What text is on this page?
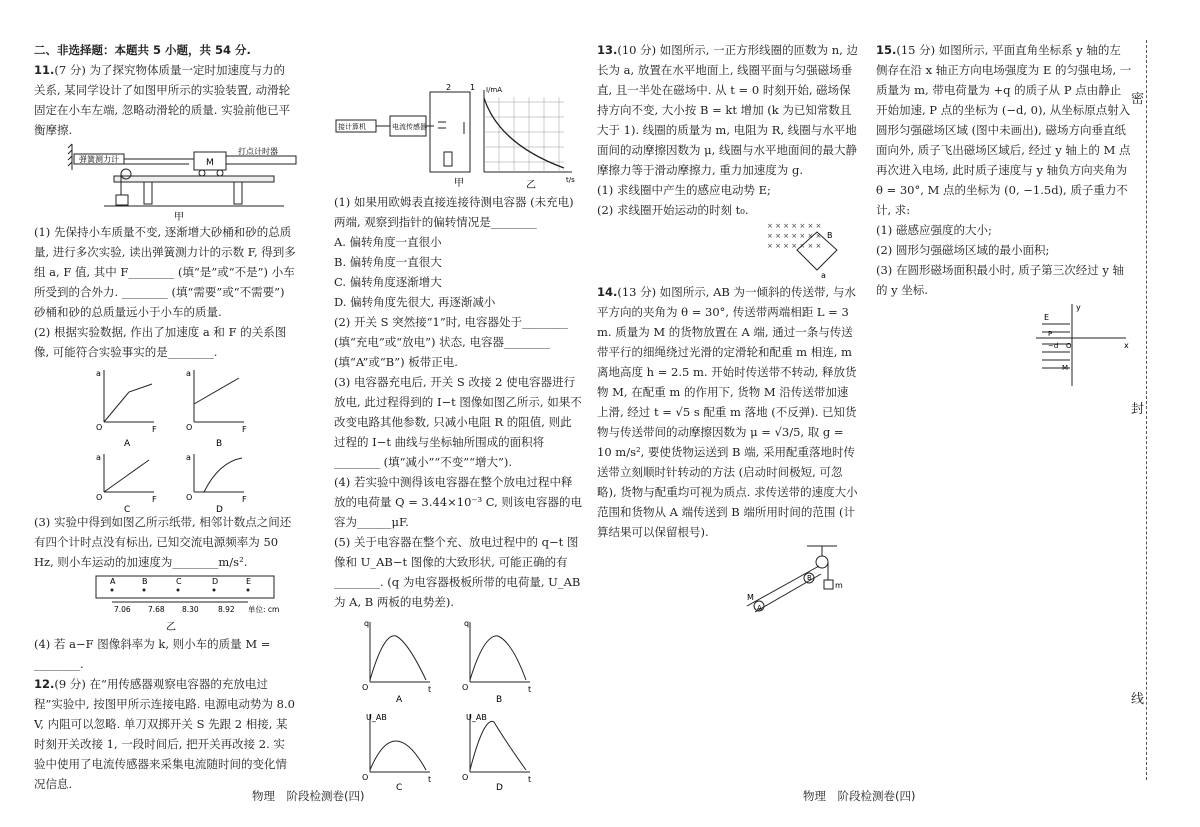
二、非选择题：本题共 5 小题，共 54 分.

11.(7 分) 为了探究物体质量一定时加速度与力的关系, 某同学设计了如图甲所示的实验装置, 动滑轮固定在小车左端, 忽略动滑轮的质量. 实验前他已平衡摩擦.

弹簧测力计	M
打点计时器
甲

(1) 先保持小车质量不变, 逐渐增大砂桶和砂的总质量, 进行多次实验, 读出弹簧测力计的示数 F, 得到多组 a, F 值, 其中 F________ (填“是”或“不是”) 小车所受到的合外力. ________ (填“需要”或“不需要”) 砂桶和砂的总质量远小于小车的质量.

(2) 根据实验数据, 作出了加速度 a 和 F 的关系图像, 可能符合实验事实的是________.

a
F
O
A
a
F
O
B
a
F
O
C
a
F
O
D

(3) 实验中得到如图乙所示纸带, 相邻计数点之间还有四个计时点没有标出, 已知交流电源频率为 50 Hz, 则小车运动的加速度为________m/s².

A	B	C	D	E
7.06 7.68 8.30	8.92 单位: cm
乙

(4) 若 a−F 图像斜率为 k, 则小车的质量 M = ________.

12.(9 分) 在“用传感器观察电容器的充放电过程”实验中, 按图甲所示连接电路. 电源电动势为 8.0 V, 内阻可以忽略. 单刀双掷开关 S 先跟 2 相接, 某时刻开关改接 1, 一段时间后, 把开关再改接 2. 实验中使用了电流传感器来采集电流随时间的变化情况信息.

接计算机	电流传感器
2 1
甲
I/mA
t/s
乙

(1) 如果用欧姆表直接连接待测电容器 (未充电) 两端, 观察到指针的偏转情况是________

A. 偏转角度一直很小

B. 偏转角度一直很大

C. 偏转角度逐渐增大

D. 偏转角度先很大, 再逐渐减小

(2) 开关 S 突然接“1”时, 电容器处于________ (填“充电”或“放电”) 状态, 电容器________ (填“A”或“B”) 板带正电.

(3) 电容器充电后, 开关 S 改接 2 使电容器进行放电, 此过程得到的 I−t 图像如图乙所示, 如果不改变电路其他参数, 只减小电阻 R 的阻值, 则此过程的 I−t 曲线与坐标轴所围成的面积将________ (填“减小”“不变”“增大”).

(4) 若实验中测得该电容器在整个放电过程中释放的电荷量 Q = 3.44×10⁻³ C, 则该电容器的电容为______μF.

(5) 关于电容器在整个充、放电过程中的 q−t 图像和 U_AB−t 图像的大致形状, 可能正确的有________. (q 为电容器极板所带的电荷量, U_AB 为 A, B 两板的电势差).

q
t
O
A
q
t
O
B
U_AB
t
O
C
U_AB
t
O
D

13.(10 分) 如图所示, 一正方形线圈的匝数为 n, 边长为 a, 放置在水平地面上, 线圈平面与匀强磁场垂直, 且一半处在磁场中. 从 t = 0 时刻开始, 磁场保持方向不变, 大小按 B = kt 增加 (k 为已知常数且大于 1). 线圈的质量为 m, 电阻为 R, 线圈与水平地面间的动摩擦因数为 μ, 线圈与水平地面间的最大静摩擦力等于滑动摩擦力, 重力加速度为 g.

(1) 求线圈中产生的感应电动势 E;

(2) 求线圈开始运动的时刻 t₀.

× × × × × × ×
× × × × × × ×
× × × × × × ×
B
a

14.(13 分) 如图所示, AB 为一倾斜的传送带, 与水平方向的夹角为 θ = 30°, 传送带两端相距 L = 3 m. 质量为 M 的货物放置在 A 端, 通过一条与传送带平行的细绳绕过光滑的定滑轮和配重 m 相连, m 离地高度 h = 2.5 m. 开始时传送带不转动, 释放货物 M, 在配重 m 的作用下, 货物 M 沿传送带加速上滑, 经过 t = √5 s 配重 m 落地 (不反弹). 已知货物与传送带间的动摩擦因数为 μ = √3/5, 取 g = 10 m/s², 要使货物运送到 B 端, 采用配重落地时传送带立刻顺时针转动的方法 (启动时间极短, 可忽略), 货物与配重均可视为质点. 求传送带的速度大小范围和货物从 A 端传送到 B 端所用时间的范围 (计算结果可以保留根号).

m
M
A
B

15.(15 分) 如图所示, 平面直角坐标系 y 轴的左侧存在沿 x 轴正方向电场强度为 E 的匀强电场, 一质量为 m, 带电荷量为 +q 的质子从 P 点由静止开始加速, P 点的坐标为 (−d, 0), 从坐标原点射入圆形匀强磁场区域 (图中未画出), 磁场方向垂直纸面向外, 质子飞出磁场区域后, 经过 y 轴上的 M 点再次进入电场, 此时质子速度与 y 轴负方向夹角为 θ = 30°, M 点的坐标为 (0, −1.5d), 质子重力不计, 求:

(1) 磁感应强度的大小;

(2) 圆形匀强磁场区域的最小面积;

(3) 在圆形磁场面积最小时, 质子第三次经过 y 轴的 y 坐标.

E
y
x
P
−d O
M
密
封
线
物理　阶段检测卷(四)	物理　阶段检测卷(四)
